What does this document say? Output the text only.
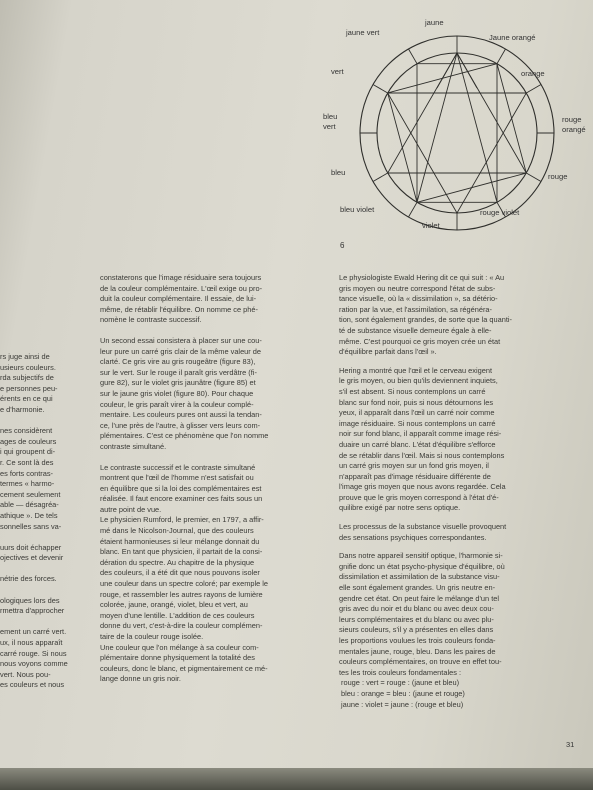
jaune
jaune vert
Jaune orangé
vert	orange
bleu vert
rouge orangé
bleu	rouge
bleu violet	rouge violet
violet
6
rs juge ainsi de
usieurs couleurs.
rda subjectifs de
e personnes peu-
érents en ce qui
e d'harmonie.

nes considèrent
ages de couleurs
i qui groupent di-
r. Ce sont là des
es forts contras-
termes « harmo-
cement seulement
able — désagréa-
athique ». De tels
sonnelles sans va-

uurs doit échapper
ojectives et devenir

nétrie des forces.

ologiques lors des
rmettra d'approcher

ement un carré vert.
ux, il nous apparaît
carré rouge. Si nous
nous voyons comme
vert. Nous pou-
es couleurs et nous

constaterons que l'image résiduaire sera toujours
de la couleur complémentaire. L'œil exige ou pro-
duit la couleur complémentaire. Il essaie, de lui-
même, de rétablir l'équilibre. On nomme ce phé-
nomène le contraste successif.

Un second essai consistera à placer sur une cou-
leur pure un carré gris clair de la même valeur de
clarté. Ce gris vire au gris rougeâtre (figure 83),
sur le vert. Sur le rouge il paraît gris verdâtre (fi-
gure 82), sur le violet gris jaunâtre (figure 85) et
sur le jaune gris violet (figure 80). Pour chaque
couleur, le gris paraît virer à la couleur complé-
mentaire. Les couleurs pures ont aussi la tendan-
ce, l'une près de l'autre, à glisser vers leurs com-
plémentaires. C'est ce phénomène que l'on nomme
contraste simultané.

Le contraste successif et le contraste simultané
montrent que l'œil de l'homme n'est satisfait ou
en équilibre que si la loi des complémentaires est
réalisée. Il faut encore examiner ces faits sous un
autre point de vue.
Le physicien Rumford, le premier, en 1797, a affir-
mé dans le Nicolson-Journal, que des couleurs
étaient harmonieuses si leur mélange donnait du
blanc. En tant que physicien, il partait de la consi-
dération du spectre. Au chapitre de la physique
des couleurs, il a été dit que nous pouvons isoler
une couleur dans un spectre coloré; par exemple le
rouge, et rassembler les autres rayons de lumière
colorée, jaune, orangé, violet, bleu et vert, au
moyen d'une lentille. L'addition de ces couleurs
donne du vert, c'est-à-dire la couleur complémen-
taire de la couleur rouge isolée.
Une couleur que l'on mélange à sa couleur com-
plémentaire donne physiquement la totalité des
couleurs, donc le blanc, et pigmentairement ce mé-
lange donne un gris noir.

Le physiologiste Ewald Hering dit ce qui suit : « Au
gris moyen ou neutre correspond l'état de subs-
tance visuelle, où la « dissimilation », sa détério-
ration par la vue, et l'assimilation, sa régénéra-
tion, sont également grandes, de sorte que la quanti-
té de substance visuelle demeure égale à elle-
même. C'est pourquoi ce gris moyen crée un état
d'équilibre parfait dans l'œil ».

Hering a montré que l'œil et le cerveau exigent
le gris moyen, ou bien qu'ils deviennent inquiets,
s'il est absent. Si nous contemplons un carré
blanc sur fond noir, puis si nous détournons les
yeux, il apparaît dans l'œil un carré noir comme
image résiduaire. Si nous contemplons un carré
noir sur fond blanc, il apparaît comme image rési-
duaire un carré blanc. L'état d'équilibre s'efforce
de se rétablir dans l'œil. Mais si nous contemplons
un carré gris moyen sur un fond gris moyen, il
n'apparaît pas d'image résiduaire différente de
l'image gris moyen que nous avons regardée. Cela
prouve que le gris moyen correspond à l'état d'é-
quilibre exigé par notre sens optique.

Les processus de la substance visuelle provoquent
des sensations psychiques correspondantes.

Dans notre appareil sensitif optique, l'harmonie si-
gnifie donc un état psycho-physique d'équilibre, où
dissimilation et assimilation de la substance visu-
elle sont également grandes. Un gris neutre en-
gendre cet état. On peut faire le mélange d'un tel
gris avec du noir et du blanc ou avec deux cou-
leurs complémentaires et du blanc ou avec plu-
sieurs couleurs, s'il y a présentes en elles dans
les proportions voulues les trois couleurs fonda-
mentales jaune, rouge, bleu. Dans les paires de
couleurs complémentaires, on trouve en effet tou-
tes les trois couleurs fondamentales :

rouge : vert = rouge : (jaune et bleu)
bleu : orange = bleu : (jaune et rouge)
jaune : violet = jaune : (rouge et bleu)
31
